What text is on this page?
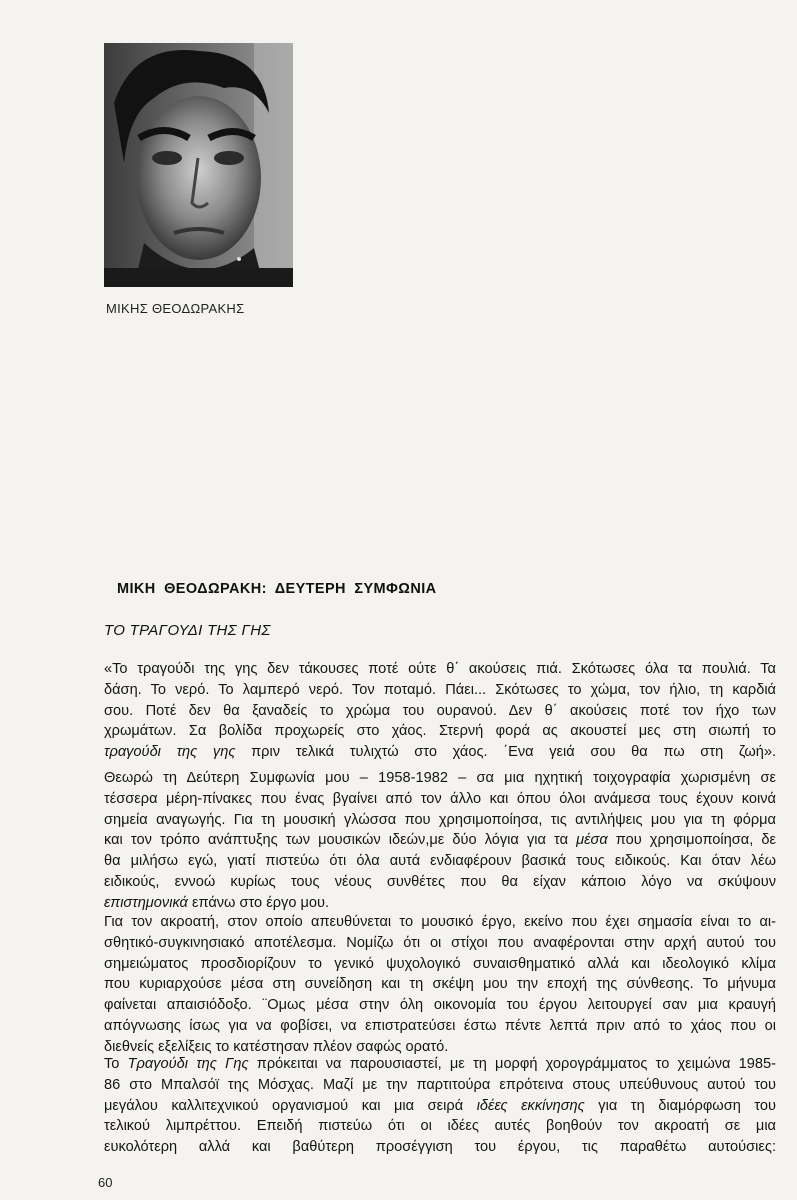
ΜΙΚΗΣ ΘΕΟΔΩΡΑΚΗΣ
ΜΙΚΗ ΘΕΟΔΩΡΑΚΗ: ΔΕΥΤΕΡΗ ΣΥΜΦΩΝΙΑ
ΤΟ ΤΡΑΓΟΥΔΙ ΤΗΣ ΓΗΣ
«Το τραγούδι της γης δεν τάκουσες ποτέ ούτε θ΄ ακούσεις πιά. Σκότωσες όλα τα πουλιά. Τα
δάση. Το νερό. Το λαμπερό νερό. Τον ποταμό. Πάει... Σκότωσες το χώμα, τον ήλιο, τη καρδιά
σου. Ποτέ δεν θα ξαναδείς το χρώμα του ουρανού. Δεν θ΄ ακούσεις ποτέ τον ήχο των
χρωμάτων. Σα βολίδα προχωρείς στο χάος. Στερνή φορά ας ακουστεί μες στη σιωπή το
τραγούδι της γης πριν τελικά τυλιχτώ στο χάος. ΄Ενα γειά σου θα πω στη ζωή».
Θεωρώ τη Δεύτερη Συμφωνία μου – 1958-1982 – σα μια ηχητική τοιχογραφία χωρισμένη σε
τέσσερα μέρη-πίνακες που ένας βγαίνει από τον άλλο και όπου όλοι ανάμεσα τους έχουν κοινά
σημεία αναγωγής. Για τη μουσική γλώσσα που χρησιμοποίησα, τις αντιλήψεις μου για τη φόρμα
και τον τρόπο ανάπτυξης των μουσικών ιδεών,με δύο λόγια για τα μέσα που χρησιμοποίησα, δε
θα μιλήσω εγώ, γιατί πιστεύω ότι όλα αυτά ενδιαφέρουν βασικά τους ειδικούς. Και όταν λέω
ειδικούς, εννοώ κυρίως τους νέους συνθέτες που θα είχαν κάποιο λόγο να σκύψουν
επιστημονικά επάνω στο έργο μου.
Για τον ακροατή, στον οποίο απευθύνεται το μουσικό έργο, εκείνο που έχει σημασία είναι το αι-
σθητικό-συγκινησιακό αποτέλεσμα. Νομίζω ότι οι στίχοι που αναφέρονται στην αρχή αυτού του
σημειώματος προσδιορίζουν το γενικό ψυχολογικό συναισθηματικό αλλά και ιδεολογικό κλίμα
που κυριαρχούσε μέσα στη συνείδηση και τη σκέψη μου την εποχή της σύνθεσης. Το μήνυμα
φαίνεται απαισιόδοξο. ¨Ομως μέσα στην όλη οικονομία του έργου λειτουργεί σαν μια κραυγή
απόγνωσης ίσως για να φοβίσει, να επιστρατεύσει έστω πέντε λεπτά πριν από το χάος που οι
διεθνείς εξελίξεις το κατέστησαν πλέον σαφώς ορατό.
Το Τραγούδι της Γης πρόκειται να παρουσιαστεί, με τη μορφή χορογράμματος το χειμώνα 1985-
86 στο Μπαλσόϊ της Μόσχας. Μαζί με την παρτιτούρα επρότεινα στους υπεύθυνους αυτού του
μεγάλου καλλιτεχνικού οργανισμού και μια σειρά ιδέες εκκίνησης για τη διαμόρφωση του
τελικού λιμπρέττου. Επειδή πιστεύω ότι οι ιδέες αυτές βοηθούν τον ακροατή σε μια
ευκολότερη αλλά και βαθύτερη προσέγγιση του έργου, τις παραθέτω αυτούσιες:
60
